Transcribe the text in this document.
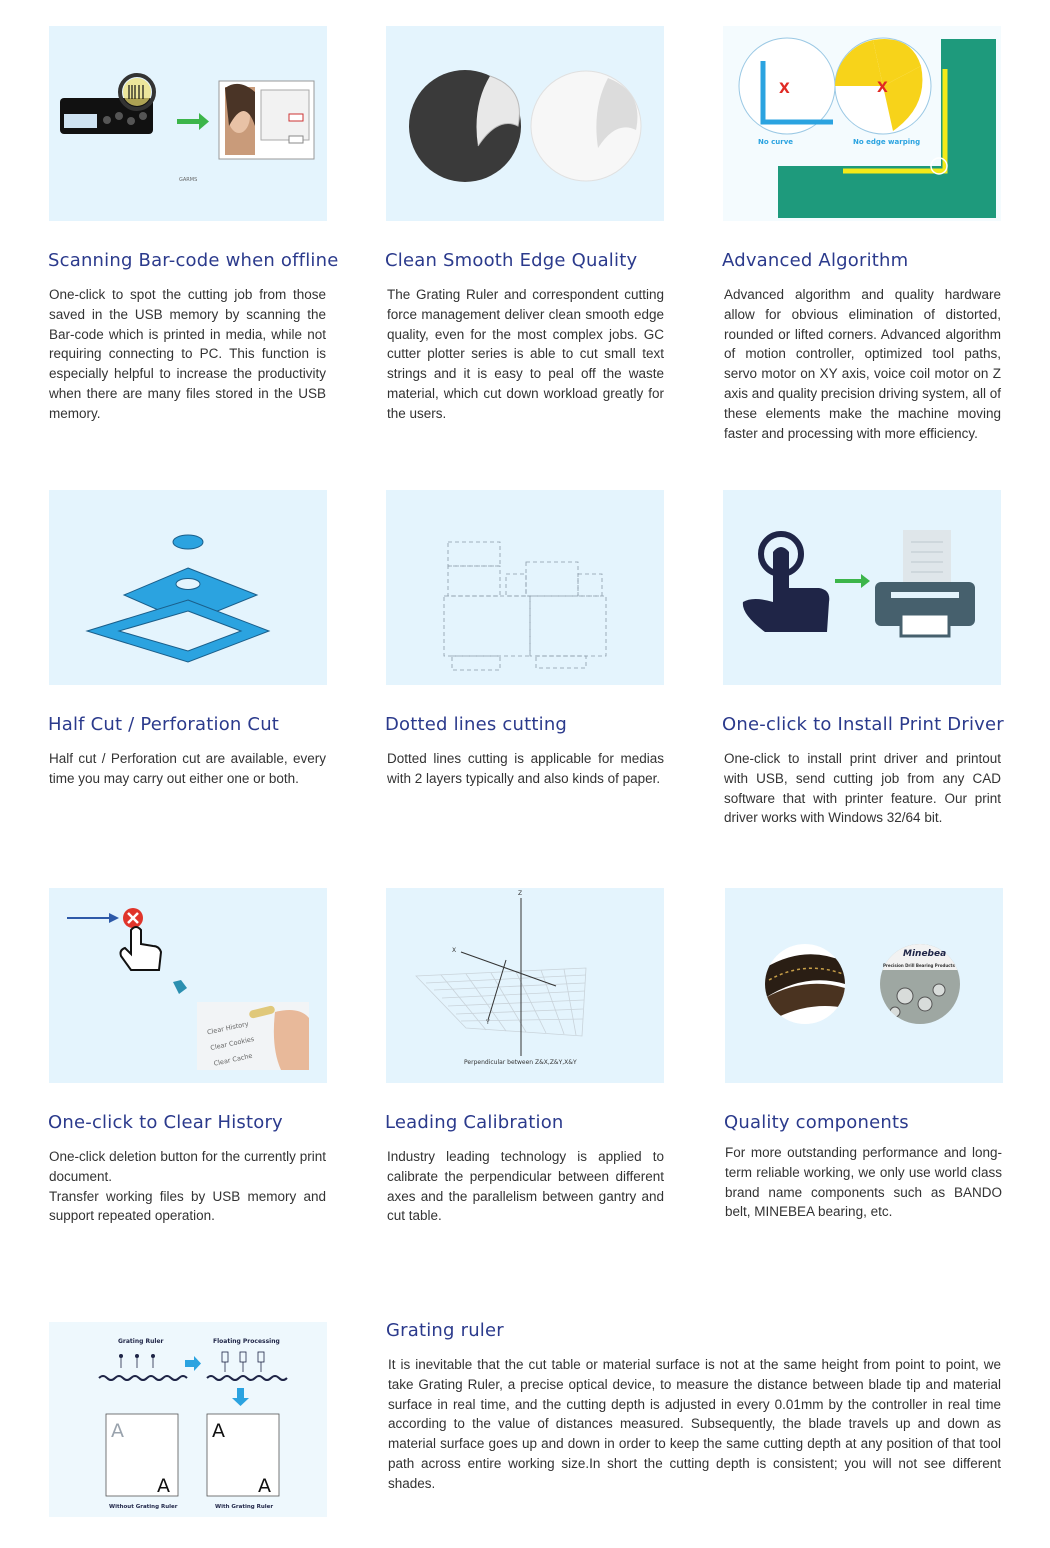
GARMS
Scanning Bar-code when offline
One-click to spot the cutting job from those saved in the USB memory by scanning the Bar-code which is printed in media, while not requiring connecting to PC. This function is especially helpful to increase the productivity when there are many files stored in the USB memory.
Clean Smooth Edge Quality
The Grating Ruler and correspondent cutting force management deliver clean smooth edge quality, even for the most complex jobs. GC cutter plotter series is able to cut small text strings and it is easy to peal off the waste material, which cut down workload greatly for the users.
X	X
No curve	No edge warping
Advanced Algorithm
Advanced algorithm and quality hardware allow for obvious elimination of distorted, rounded or lifted corners. Advanced algorithm of motion controller, optimized tool paths, servo motor on XY axis, voice coil motor on Z axis and quality precision driving system, all of these elements make the machine moving faster and processing with more efficiency.
Half Cut / Perforation Cut
Half cut / Perforation cut are available, every time you may carry out either one or both.
Dotted lines cutting
Dotted lines cutting is applicable for medias with 2 layers typically and also kinds of paper.
One-click to Install Print Driver
One-click to install print driver and printout with USB, send cutting job from any CAD software that with printer feature. Our print driver works with Windows 32/64 bit.
Clear History
Clear Cookies
Clear Cache
One-click to Clear History

One-click deletion button for the currently print document.

Transfer working files by USB memory and support repeated operation.

Z
X
Y
Perpendicular between Z&X,Z&Y,X&Y
Leading Calibration
Industry leading technology is applied to calibrate the perpendicular between different axes and the parallelism between gantry and cut table.
Minebea
Precision Drill Bearing Products
Quality components
For more outstanding performance and long-term reliable working, we only use world class brand name components such as BANDO belt, MINEBEA bearing, etc.
Grating Ruler	Floating Processing
A
A
A
A
Without Grating Ruler	With Grating Ruler
Grating ruler
It is inevitable that the cut table or material surface is not at the same height from point to point, we take Grating Ruler, a precise optical device, to measure the distance between blade tip and material surface in real time, and the cutting depth is adjusted in every 0.01mm by the controller in real time according to the value of distances measured. Subsequently, the blade travels up and down as material surface goes up and down in order to keep the same cutting depth at any position of that tool path across entire working size.In short the cutting depth is consistent; you will not see different shades.
